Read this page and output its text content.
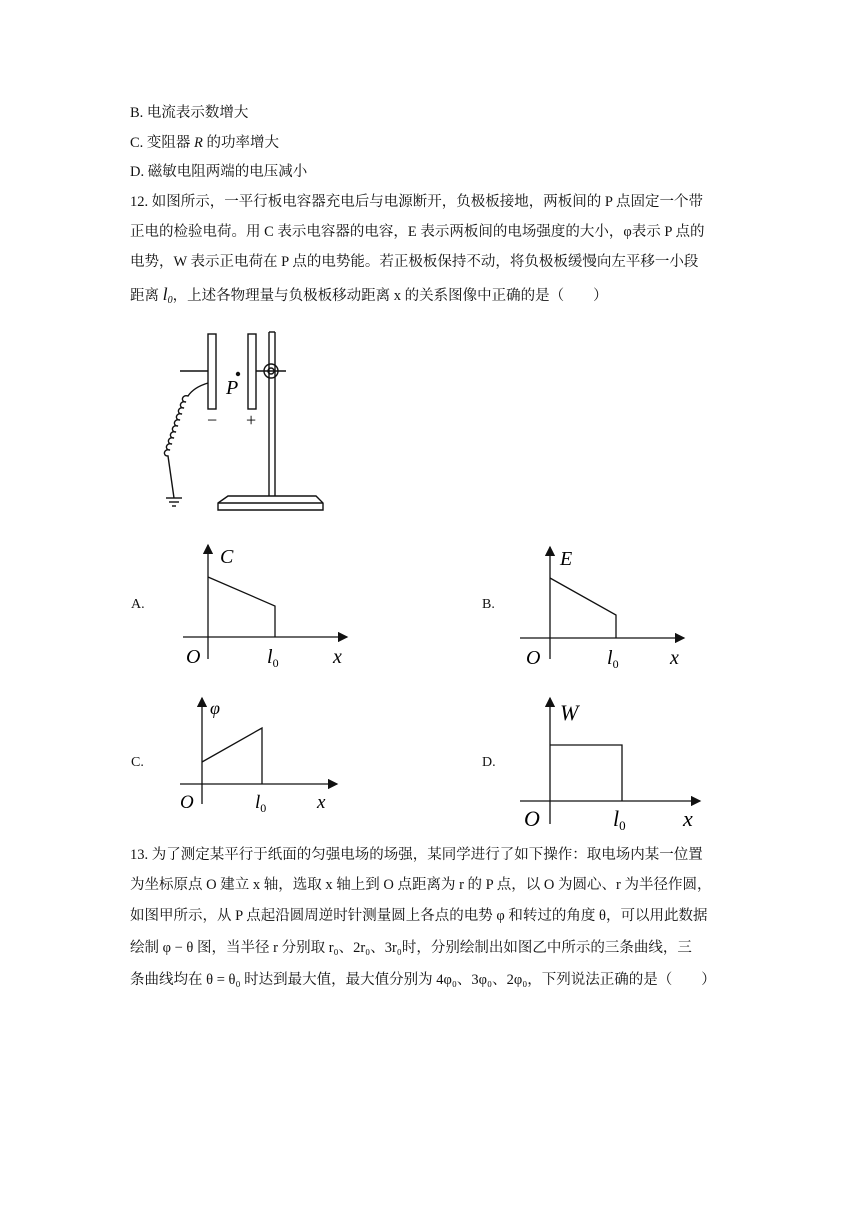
B. 电流表示数增大
C. 变阻器 R 的功率增大
D. 磁敏电阻两端的电压减小
12. 如图所示，一平行板电容器充电后与电源断开，负极板接地，两板间的 P 点固定一个带
正电的检验电荷。用 C 表示电容器的电容，E 表示两板间的电场强度的大小，φ表示 P 点的
电势，W 表示正电荷在 P 点的电势能。若正极板保持不动，将负极板缓慢向左平移一小段
距离 $l_0$，上述各物理量与负极板移动距离 x 的关系图像中正确的是（　　）
P
− +
A.
C
O	$l_0$	x
B.
E
O	$l_0$	x
C.
φ
O	$l_0$	x
D.
W
O	l0	x
13. 为了测定某平行于纸面的匀强电场的场强，某同学进行了如下操作：取电场内某一位置
为坐标原点 O 建立 x 轴，选取 x 轴上到 O 点距离为 r 的 P 点，以 O 为圆心、r 为半径作圆，
如图甲所示，从 P 点起沿圆周逆时针测量圆上各点的电势 φ 和转过的角度 θ，可以用此数据
绘制 φ − θ 图，当半径 r 分别取 r₀、2r₀、3r₀时，分别绘制出如图乙中所示的三条曲线，三
条曲线均在 θ = θ₀ 时达到最大值，最大值分别为 4φ₀、3φ₀、2φ₀，下列说法正确的是（　　）
